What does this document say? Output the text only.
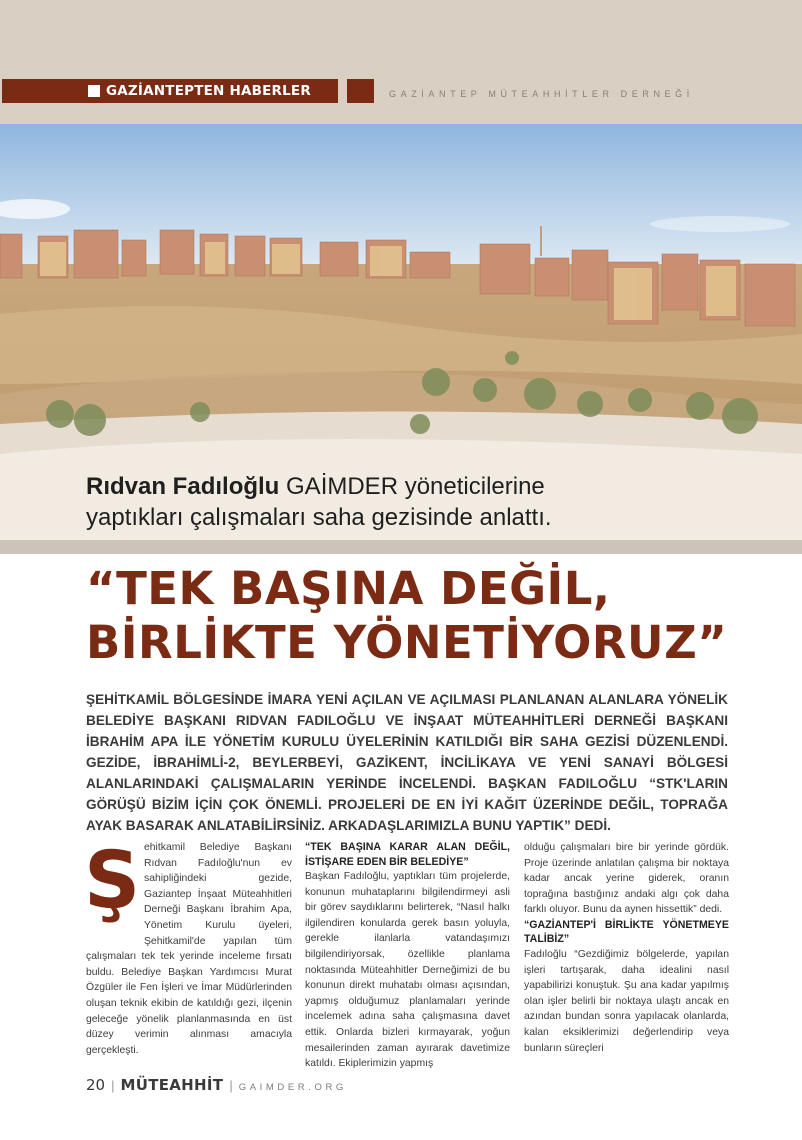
GAZİANTEPTEN HABERLER	GAZİANTEP MÜTEAHHİTLER DERNEĞİ
Rıdvan Fadıloğlu GAİMDER yöneticilerine
yaptıkları çalışmaları saha gezisinde anlattı.
“TEK BAŞINA DEĞİL,
BİRLİKTE YÖNETİYORUZ”
ŞEHİTKAMİL BÖLGESİNDE İMARA YENİ AÇILAN VE AÇILMASI PLANLANAN ALANLARA YÖNELİK BELEDİYE BAŞKANI RIDVAN FADILOĞLU VE İNŞAAT MÜTEAHHİTLERİ DERNEĞİ BAŞKANI İBRAHİM APA İLE YÖNETİM KURULU ÜYELERİNİN KATILDIĞI BİR SAHA GEZİSİ DÜZENLENDİ. GEZİDE, İBRAHİMLİ-2, BEYLERBEYİ, GAZİKENT, İNCİLİKAYA VE YENİ SANAYİ BÖLGESİ ALANLARINDAKİ ÇALIŞMALARIN YERİNDE İNCELENDİ. BAŞKAN FADILOĞLU “STK'LARIN GÖRÜŞÜ BİZİM İÇİN ÇOK ÖNEMLİ. PROJELERİ DE EN İYİ KAĞIT ÜZERİNDE DEĞİL, TOPRAĞA AYAK BASARAK ANLATABİLİRSİNİZ. ARKADAŞLARIMIZLA BUNU YAPTIK” DEDİ.

Şehitkamil Belediye Başkanı Rıdvan Fadıloğlu'nun ev sahipliğindeki gezide, Gaziantep İnşaat Müteahhitleri Derneği Başkanı İbrahim Apa, Yönetim Kurulu üyeleri, Şehitkamil'de yapılan tüm çalışmaları tek tek yerinde inceleme fırsatı buldu. Belediye Başkan Yardımcısı Murat Özgüler ile Fen İşleri ve İmar Müdürlerinden oluşan teknik ekibin de katıldığı gezi, ilçenin geleceğe yönelik planlanmasında en üst düzey verimin alınması amacıyla gerçekleşti.

“TEK BAŞINA KARAR ALAN DEĞİL, İSTİŞARE EDEN BİR BELEDİYE”

Başkan Fadıloğlu, yaptıkları tüm projelerde, konunun muhataplarını bilgilendirmeyi asli bir görev saydıklarını belirterek, “Nasıl halkı ilgilendiren konularda gerek basın yoluyla, gerekle ilanlarla vatandaşımızı bilgilendiriyorsak, özellikle planlama noktasında Müteahhitler Derneğimizi de bu konunun direkt muhatabı olması açısından, yapmış olduğumuz planlamaları yerinde incelemek adına saha çalışmasına davet ettik. Onlarda bizleri kırmayarak, yoğun mesailerinden zaman ayırarak davetimize katıldı. Ekiplerimizin yapmış

olduğu çalışmaları bire bir yerinde gördük. Proje üzerinde anlatılan çalışma bir noktaya kadar ancak yerine giderek, oranın toprağına bastığınız andaki algı çok daha farklı oluyor. Bunu da aynen hissettik” dedi.

“GAZİANTEP'İ BİRLİKTE YÖNETMEYE TALİBİZ”

Fadıloğlu “Gezdiğimiz bölgelerde, yapılan işleri tartışarak, daha idealini nasıl yapabilirizi konuştuk. Şu ana kadar yapılmış olan işler belirli bir noktaya ulaştı ancak en azından bundan sonra yapılacak olanlarda, kalan eksiklerimizi değerlendirip veya bunların süreçleri

20 | MÜTEAHHİT | GAIMDER.ORG
